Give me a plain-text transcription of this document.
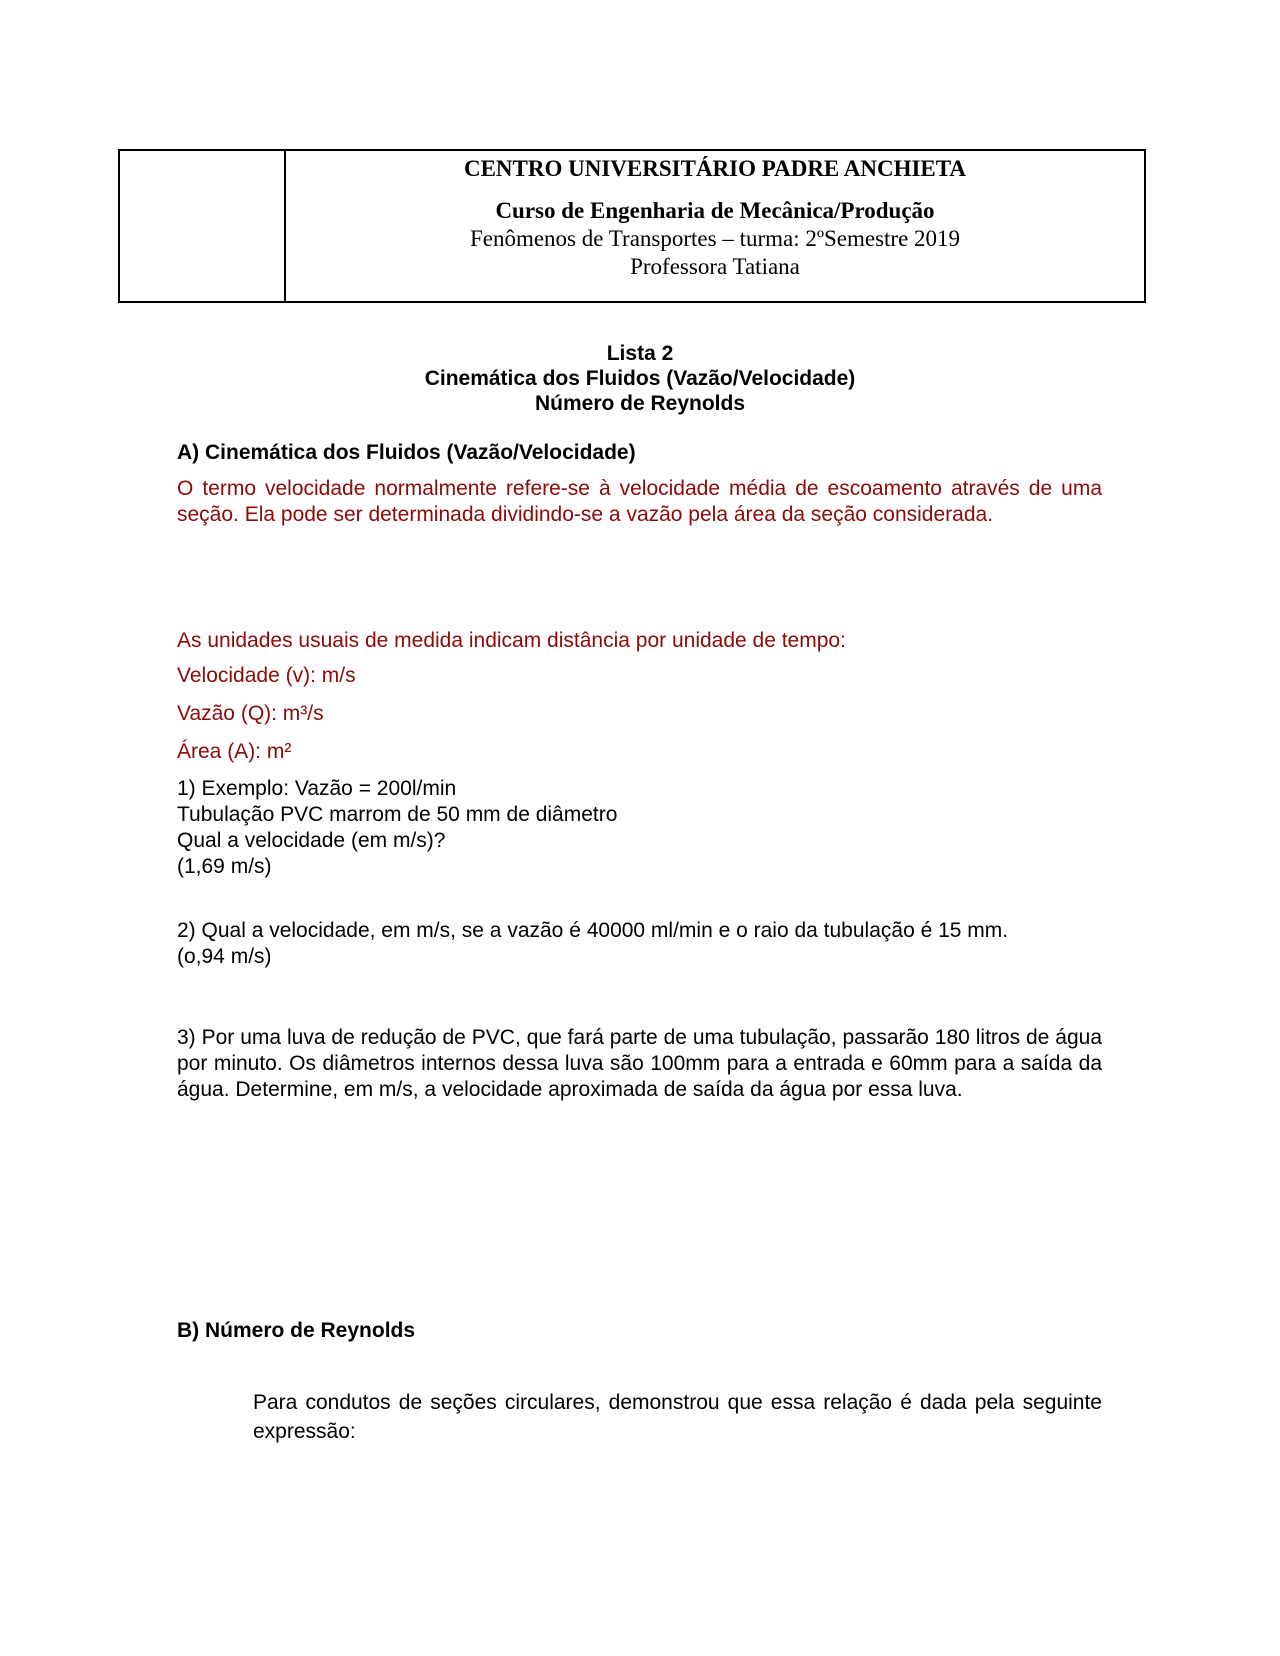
CENTRO UNIVERSITÁRIO PADRE ANCHIETA
Curso de Engenharia de Mecânica/Produção
Fenômenos de Transportes – turma: 2ºSemestre 2019
Professora Tatiana
Lista 2
Cinemática dos Fluidos (Vazão/Velocidade)
Número de Reynolds
A) Cinemática dos Fluidos (Vazão/Velocidade)
O termo velocidade normalmente refere-se à velocidade média de escoamento através de uma seção. Ela pode ser determinada dividindo-se a vazão pela área da seção considerada.
As unidades usuais de medida indicam distância por unidade de tempo:
Velocidade (v): m/s
Vazão (Q): m³/s
Área (A): m²
1) Exemplo: Vazão = 200l/min
Tubulação PVC marrom de 50 mm de diâmetro
Qual a velocidade (em m/s)?
(1,69 m/s)
2) Qual a velocidade, em m/s, se a vazão é 40000 ml/min e o raio da tubulação é 15 mm.
(o,94 m/s)
3) Por uma luva de redução de PVC, que fará parte de uma tubulação, passarão 180 litros de água por minuto. Os diâmetros internos dessa luva são 100mm para a entrada e 60mm para a saída da água. Determine, em m/s, a velocidade aproximada de saída da água por essa luva.
B) Número de Reynolds
Para condutos de seções circulares, demonstrou que essa relação é dada pela seguinte expressão:
